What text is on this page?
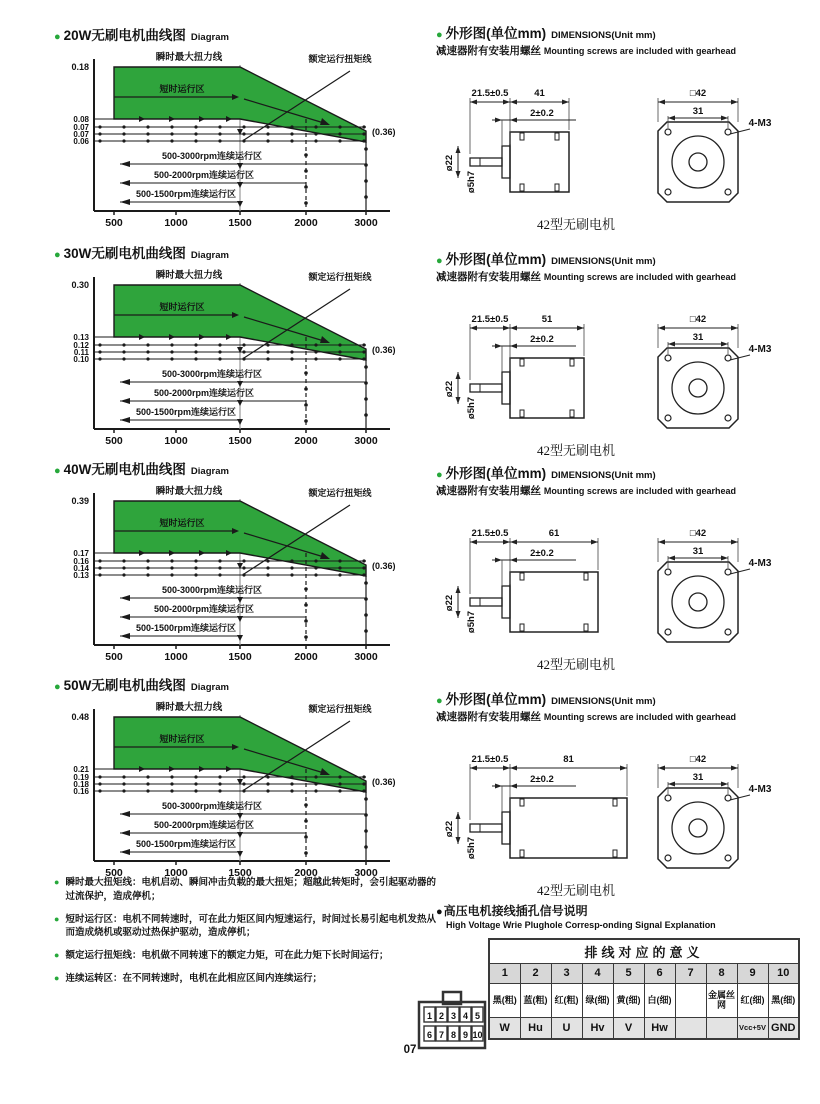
● 20W无刷电机曲线图 Diagram
瞬时最大扭力线
短时运行区
额定运行扭矩线
500-3000rpm连续运行区
500-2000rpm连续运行区
500-1500rpm连续运行区
0.18
0.08
0.07
0.07
0.06
500	1000	1500	2000	3000
(0.36)
● 30W无刷电机曲线图 Diagram
瞬时最大扭力线
短时运行区
额定运行扭矩线
500-3000rpm连续运行区
500-2000rpm连续运行区
500-1500rpm连续运行区
0.30
0.13
0.12
0.11
0.10
500	1000	1500	2000	3000
(0.36)
● 40W无刷电机曲线图 Diagram
瞬时最大扭力线
短时运行区
额定运行扭矩线
500-3000rpm连续运行区
500-2000rpm连续运行区
500-1500rpm连续运行区
0.39
0.17
0.16
0.14
0.13
500	1000	1500	2000	3000
(0.36)
● 50W无刷电机曲线图 Diagram
瞬时最大扭力线
短时运行区
额定运行扭矩线
500-3000rpm连续运行区
500-2000rpm连续运行区
500-1500rpm连续运行区
0.48
0.21
0.19
0.18
0.16
500	1000	1500	2000	3000
(0.36)
● 瞬时最大扭矩线：电机启动、瞬间冲击负载的最大扭矩；超越此转矩时，会引起驱动器的过流保护，造成停机；
● 短时运行区：电机不同转速时，可在此力矩区间内短速运行，时间过长易引起电机发热从而造成烧机或驱动过热保护驱动，造成停机；
● 额定运行扭矩线：电机做不同转速下的额定力矩，可在此力矩下长时间运行；
● 连续运转区：在不同转速时，电机在此相应区间内连续运行；
● 外形图(单位mm) DIMENSIONS(Unit mm)
减速器附有安装用螺丝 Mounting screws are included with gearhead
21.5±0.5	41
2±0.2
ø22
ø5h7
□42
31
4-M3
42型无刷电机
● 外形图(单位mm) DIMENSIONS(Unit mm)
减速器附有安装用螺丝 Mounting screws are included with gearhead
21.5±0.5	51
2±0.2
ø22
ø5h7
□42
31
4-M3
42型无刷电机
● 外形图(单位mm) DIMENSIONS(Unit mm)
减速器附有安装用螺丝 Mounting screws are included with gearhead
21.5±0.5	61
2±0.2
ø22
ø5h7
□42
31
4-M3
42型无刷电机
● 外形图(单位mm) DIMENSIONS(Unit mm)
减速器附有安装用螺丝 Mounting screws are included with gearhead
21.5±0.5	81
2±0.2
ø22
ø5h7
□42
31
4-M3
42型无刷电机
● 高压电机接线插孔信号说明
High Voltage Wrie Plughole Corresp-onding Signal Explanation
1 2 3 4 5
6 7 8 9 10
排线对应的意义									
1	2	3	4	5	6	7	8	9	10
黑(粗)	蓝(粗)	红(粗)	绿(细)	黄(细)	白(细)		金属丝网	红(细)	黑(细)
W	Hu	U	Hv	V	Hw			Vcc+5V	GND
07
